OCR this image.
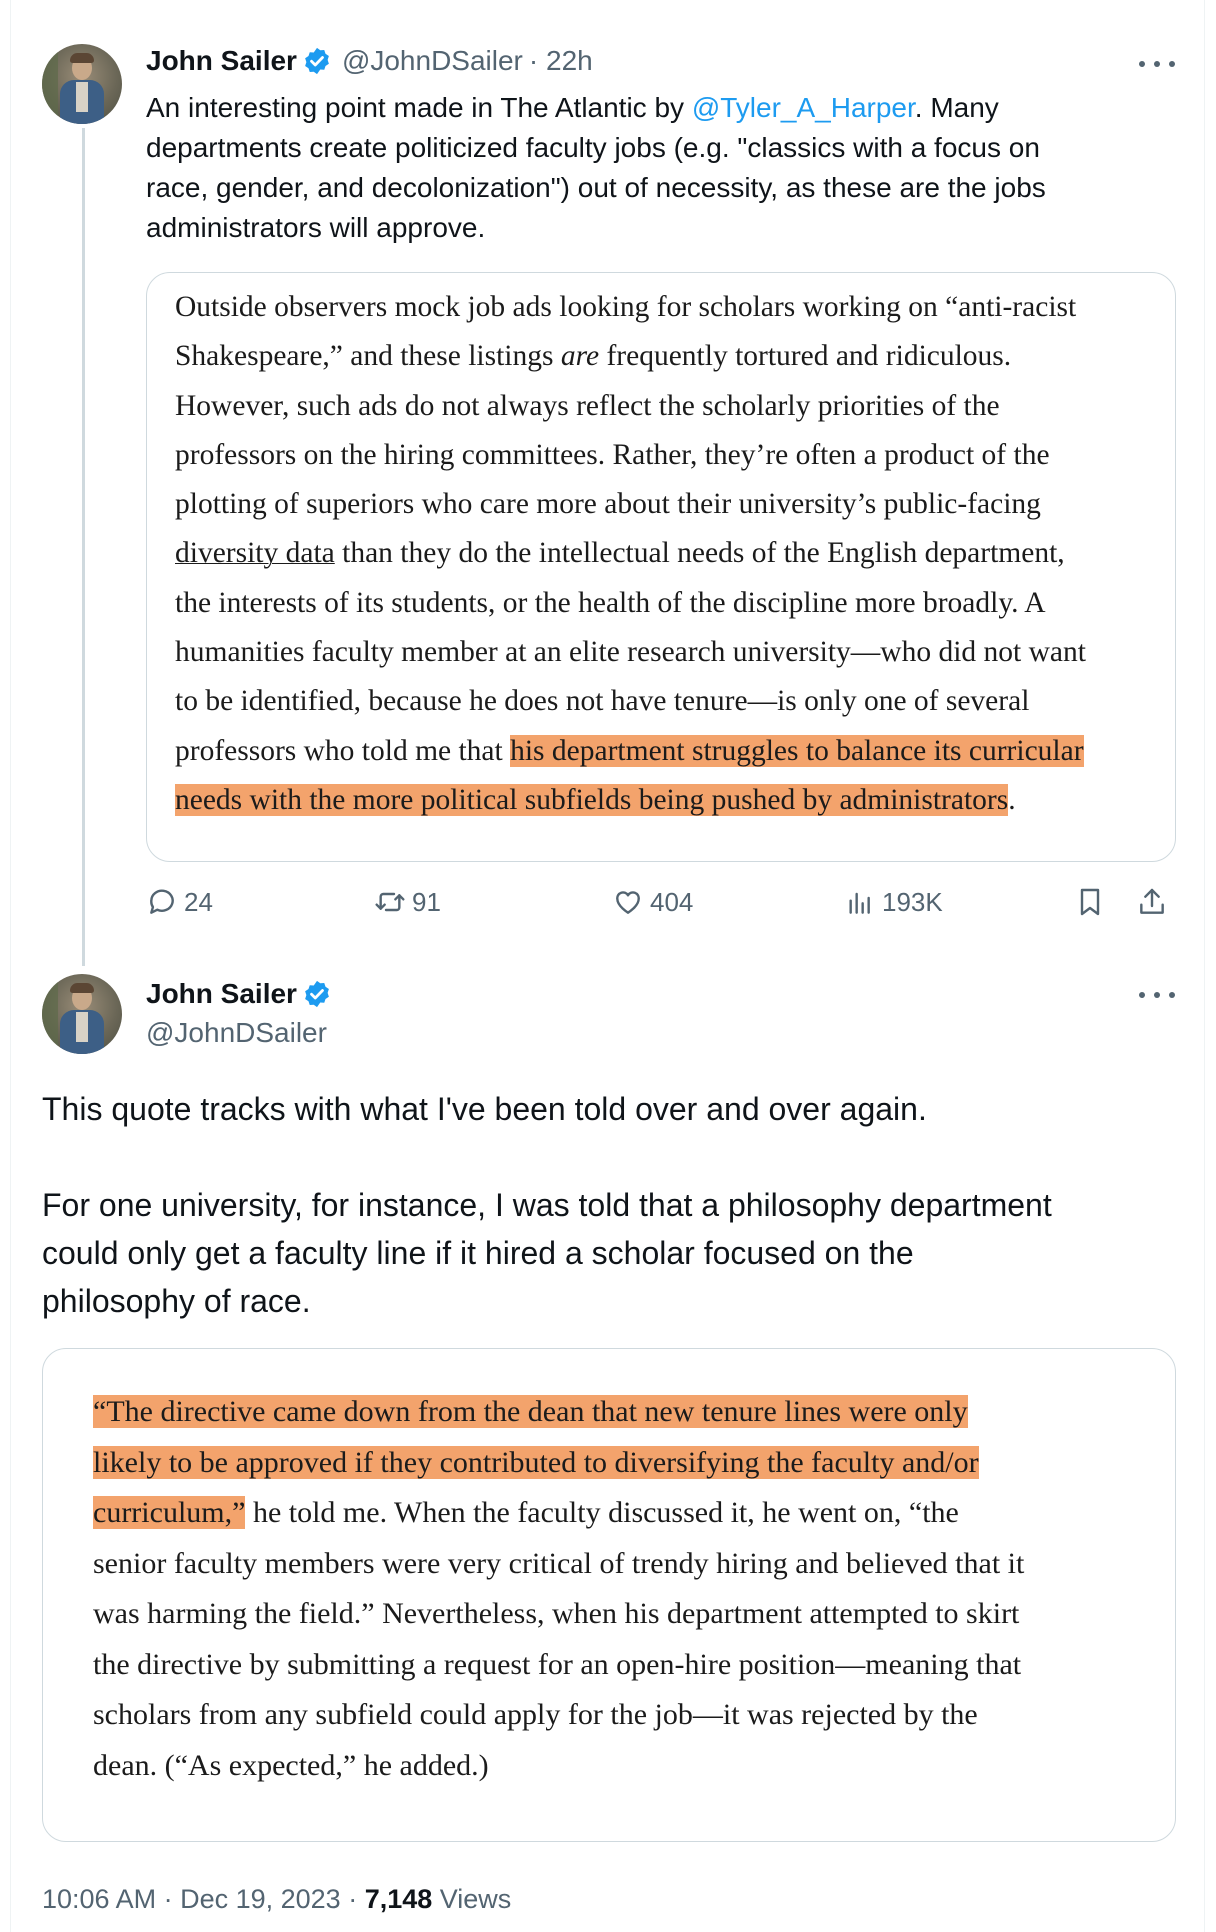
John Sailer @JohnDSailer · 22h
An interesting point made in The Atlantic by @Tyler_A_Harper. Many
departments create politicized faculty jobs (e.g. "classics with a focus on
race, gender, and decolonization") out of necessity, as these are the jobs
administrators will approve.
Outside observers mock job ads looking for scholars working on “anti-racist
Shakespeare,” and these listings are frequently tortured and ridiculous.
However, such ads do not always reflect the scholarly priorities of the
professors on the hiring committees. Rather, they’re often a product of the
plotting of superiors who care more about their university’s public-facing
diversity data than they do the intellectual needs of the English department,
the interests of its students, or the health of the discipline more broadly. A
humanities faculty member at an elite research university—who did not want
to be identified, because he does not have tenure—is only one of several
professors who told me that his department struggles to balance its curricular
needs with the more political subfields being pushed by administrators.
24	91	404	193K
John Sailer
@JohnDSailer
This quote tracks with what I've been told over and over again.
For one university, for instance, I was told that a philosophy department
could only get a faculty line if it hired a scholar focused on the
philosophy of race.
“The directive came down from the dean that new tenure lines were only
likely to be approved if they contributed to diversifying the faculty and/or
curriculum,” he told me. When the faculty discussed it, he went on, “the
senior faculty members were very critical of trendy hiring and believed that it
was harming the field.” Nevertheless, when his department attempted to skirt
the directive by submitting a request for an open-hire position—meaning that
scholars from any subfield could apply for the job—it was rejected by the
dean. (“As expected,” he added.)
10:06 AM · Dec 19, 2023 · 7,148 Views
